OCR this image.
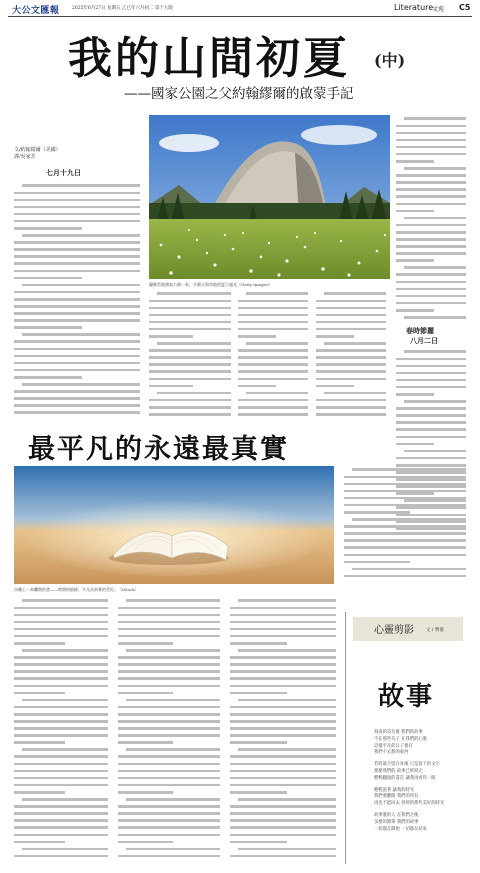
大公文匯報	2025年6月27日 星期五 乙巳年六月初二 第十九版	Literature
文苑 C5
我的山間初夏 (中)
——國家公園之父約翰繆爾的啟蒙手記
文/約翰繆爾（美國）
譯/吳家芳
七月十九日
春時節麗
八月二日
優勝美地國家公園一景，半圓丘與草地的夏日風光（Getty Images）
最平凡的永遠最真實
沙灘上一本攤開的書——時間的痕跡，平凡而真實的美好。（iStock）
心靈剪影	文 / 曹蓁
故事
寫成的詩句裏 我們的故事
不在那些句子 在我們的心裏
這樣平凡的日子裏有
我們不去想的東西
若將歲月留在身後 只是寫下的文字
那麼我們的 故事已經寫完
輕輕翻過的書頁 讓我再看你一眼
輕輕說著 讓我的時光
我們要離開 我們的所有
再也不能回去 曾經的那些美好的時光
故事裏的人 在我們之後
多麼的簡單 我們的故事
一切都在開始 一切都在結束
